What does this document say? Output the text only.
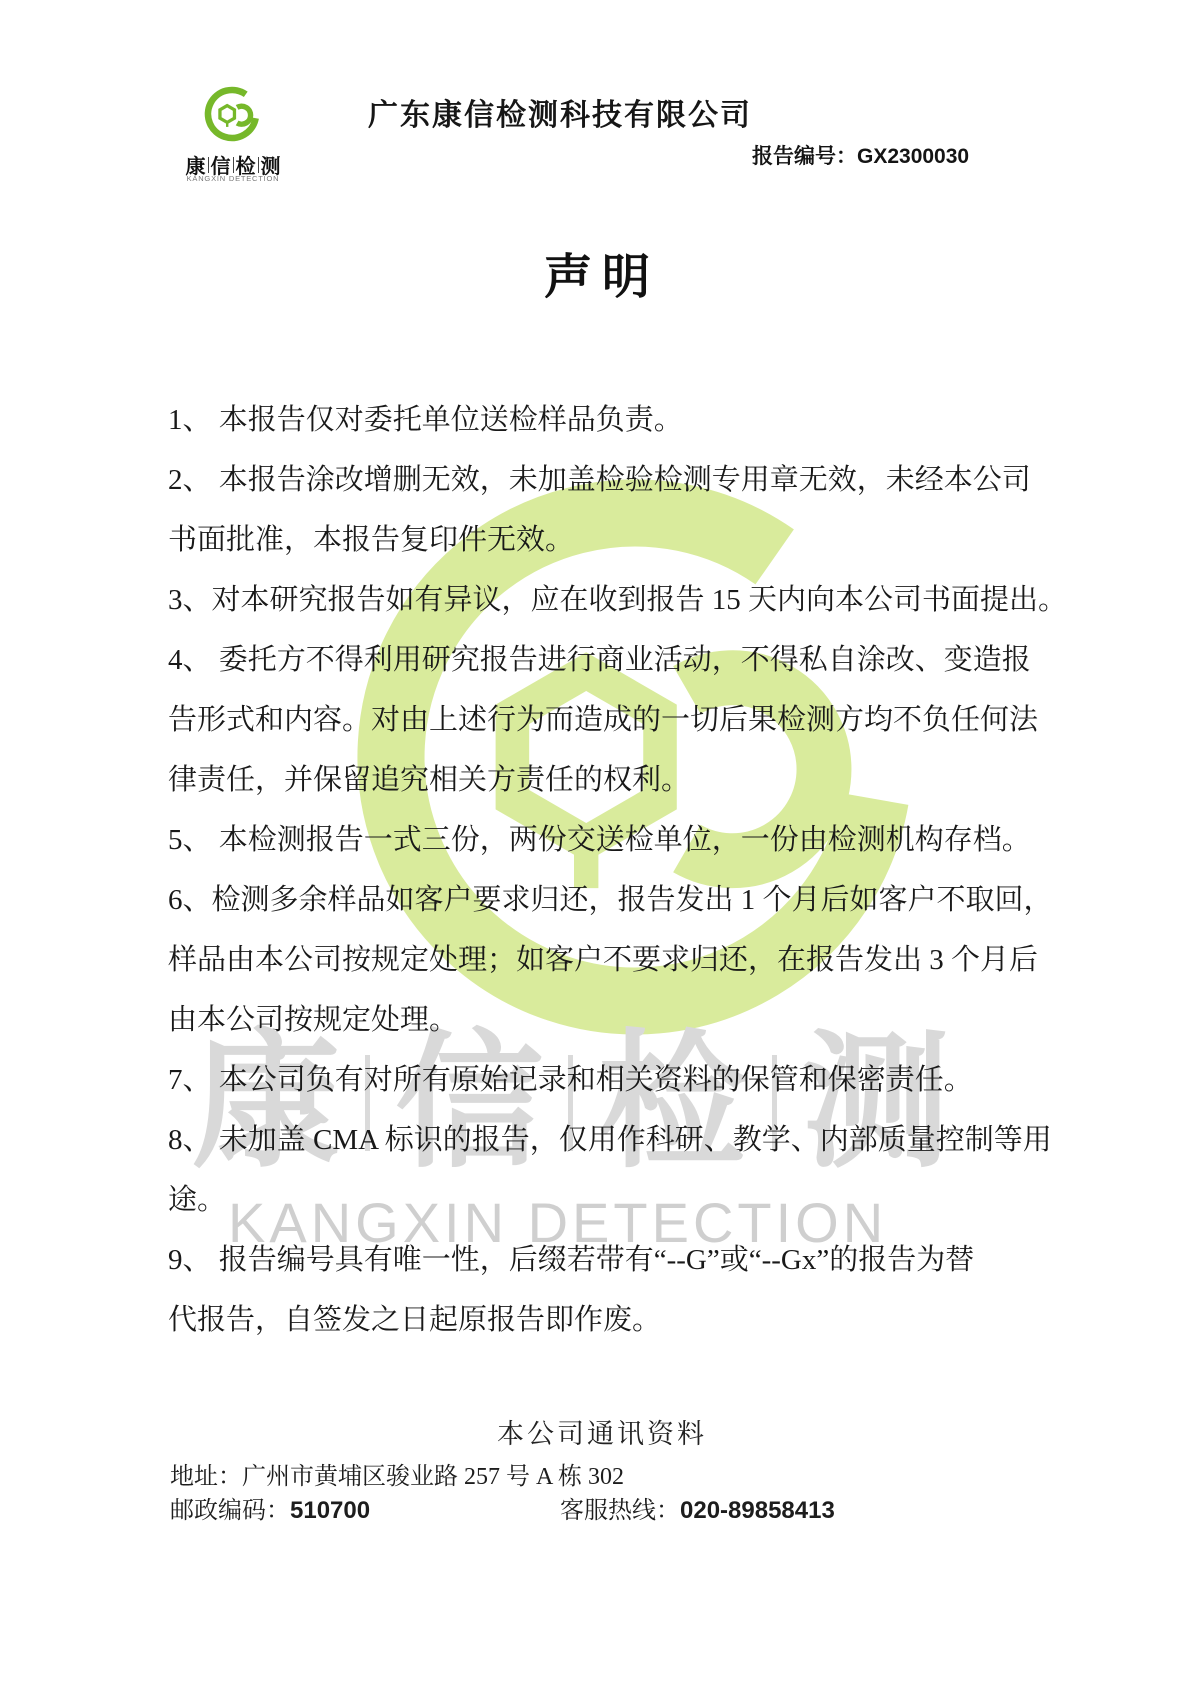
康 信 检 测
KANGXIN DETECTION
康 信 检 测
KANGXIN DETECTION
广东康信检测科技有限公司
报告编号：GX2300030
声明
1、 本报告仅对委托单位送检样品负责。
2、 本报告涂改增删无效，未加盖检验检测专用章无效，未经本公司
书面批准，本报告复印件无效。
3、对本研究报告如有异议，应在收到报告 15 天内向本公司书面提出。
4、 委托方不得利用研究报告进行商业活动，不得私自涂改、变造报
告形式和内容。对由上述行为而造成的一切后果检测方均不负任何法
律责任，并保留追究相关方责任的权利。
5、 本检测报告一式三份，两份交送检单位，一份由检测机构存档。
6、检测多余样品如客户要求归还，报告发出 1 个月后如客户不取回，
样品由本公司按规定处理；如客户不要求归还，在报告发出 3 个月后
由本公司按规定处理。
7、 本公司负有对所有原始记录和相关资料的保管和保密责任。
8、 未加盖 CMA 标识的报告，仅用作科研、教学、内部质量控制等用
途。
9、 报告编号具有唯一性，后缀若带有“--G”或“--Gx”的报告为替
代报告，自签发之日起原报告即作废。
本公司通讯资料
地址：广州市黄埔区骏业路 257 号 A 栋 302
邮政编码：510700	客服热线：020-89858413
